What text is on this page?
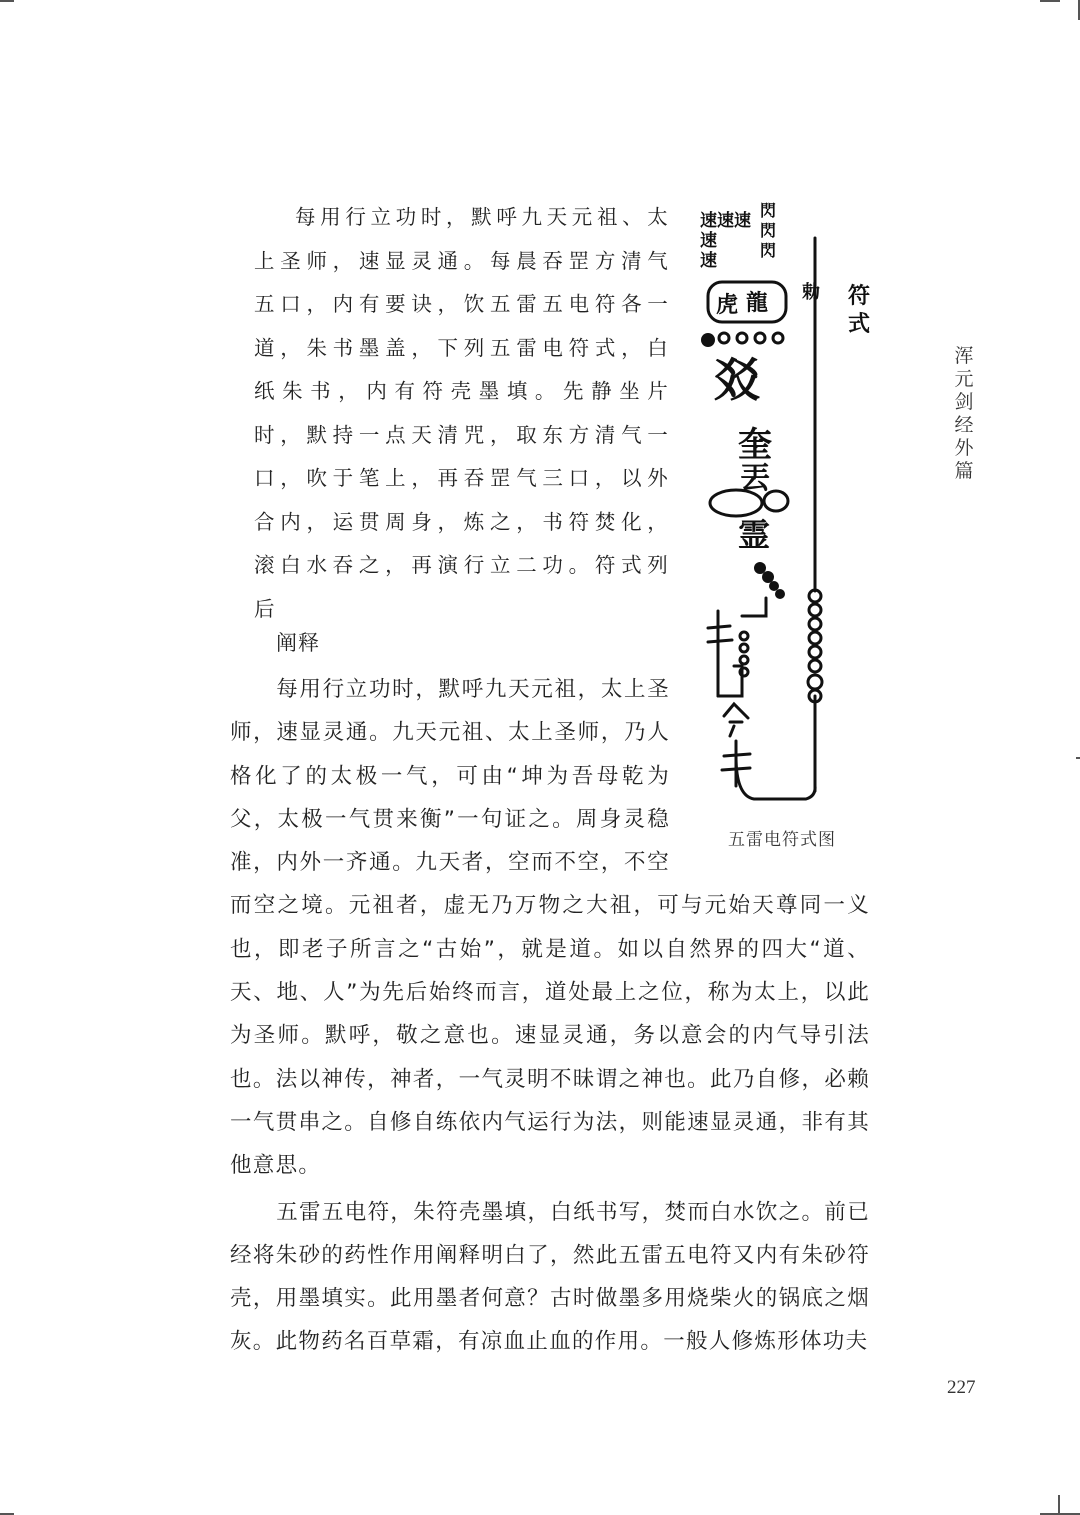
每用行立功时，默呼九天元祖、太上圣师，速显灵通。每晨吞罡方清气五口，内有要诀，饮五雷五电符各一道，朱书墨盖，下列五雷电符式，白纸朱书，内有符壳墨填。先静坐片时，默持一点天清咒，取东方清气一口，吹于笔上，再吞罡气三口，以外合内，运贯周身，炼之，书符焚化，滚白水吞之，再演行立二功。符式列后

速速速
速
速
閃
閃
閃
虎 龍 勅
㸚
奎
丟
霊
符
式
五雷电符式图
浑
元
剑
经
外
篇
阐释

每用行立功时，默呼九天元祖，太上圣师，速显灵通。九天元祖、太上圣师，乃人格化了的太极一气，可由“坤为吾母乾为父，太极一气贯来衡”一句证之。周身灵稳准，内外一齐通。九天者，空而不空，不空而空之境。元祖者，虚无乃万物之大祖，可与元始天尊同一义也，即老子所言之“古始”，就是道。如以自然界的四大“道、天、地、人”为先后始终而言，道处最上之位，称为太上，以此为圣师。默呼，敬之意也。速显灵通，务以意会的内气导引法也。法以神传，神者，一气灵明不昧谓之神也。此乃自修，必赖一气贯串之。自修自练依内气运行为法，则能速显灵通，非有其他意思。

五雷五电符，朱符壳墨填，白纸书写，焚而白水饮之。前已经将朱砂的药性作用阐释明白了，然此五雷五电符又内有朱砂符壳，用墨填实。此用墨者何意？古时做墨多用烧柴火的锅底之烟灰。此物药名百草霜，有凉血止血的作用。一般人修炼形体功夫

227
